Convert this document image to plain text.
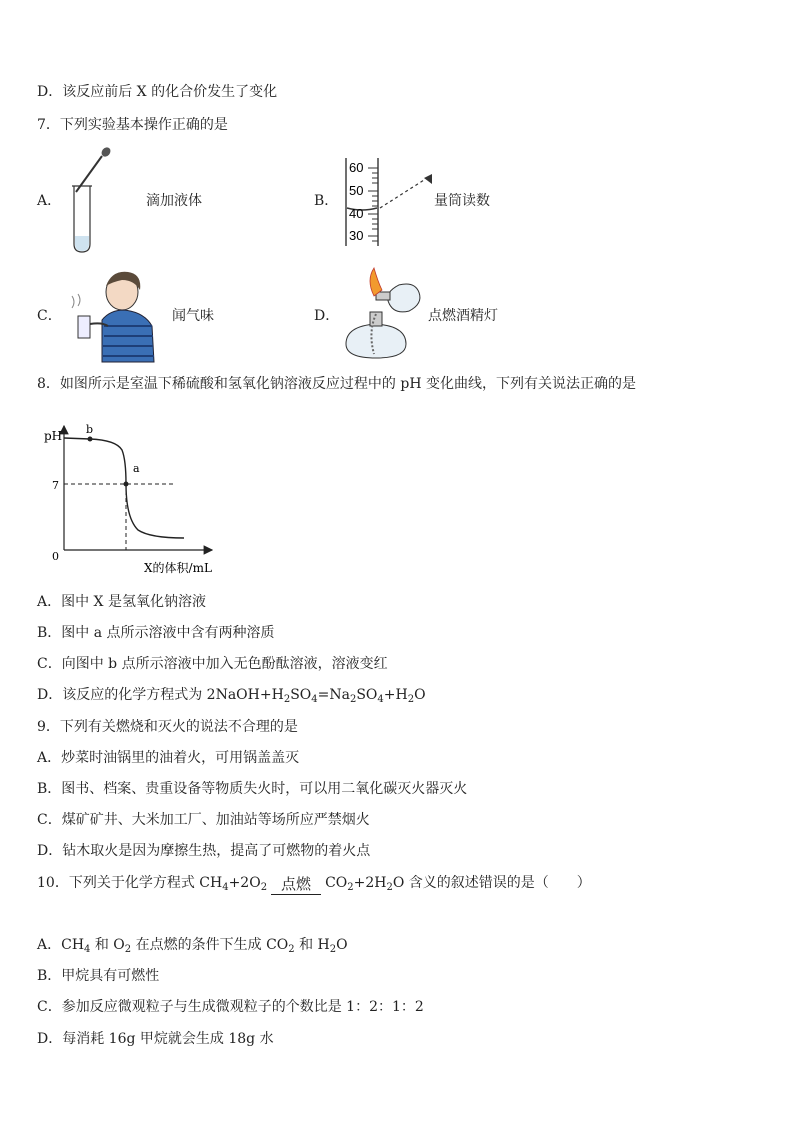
D．该反应前后 X 的化合价发生了变化
7．下列实验基本操作正确的是
A．	滴加液体	B．
60
50
40
30
量筒读数
C．	闻气味	D．	点燃酒精灯
8．如图所示是室温下稀硫酸和氢氧化钠溶液反应过程中的 pH 变化曲线，下列有关说法正确的是
pH
0
7
b
a
X的体积/mL
A．图中 X 是氢氧化钠溶液
B．图中 a 点所示溶液中含有两种溶质
C．向图中 b 点所示溶液中加入无色酚酞溶液，溶液变红
D．该反应的化学方程式为 $2NaOH+H_2SO_4=Na_2SO_4+H_2O$
9．下列有关燃烧和灭火的说法不合理的是
A．炒菜时油锅里的油着火，可用锅盖盖灭
B．图书、档案、贵重设备等物质失火时，可以用二氧化碳灭火器灭火
C．煤矿矿井、大米加工厂、加油站等场所应严禁烟火
D．钻木取火是因为摩擦生热，提高了可燃物的着火点
10．下列关于化学方程式 $CH_4+2O_2$ 点燃	$CO_2+2H_2O$ 含义的叙述错误的是（　　）
A．$CH_4$ 和 $O_2$ 在点燃的条件下生成 $CO_2$ 和 $H_2O$
B．甲烷具有可燃性
C．参加反应微观粒子与生成微观粒子的个数比是 1：2：1：2
D．每消耗 16g 甲烷就会生成 18g 水
